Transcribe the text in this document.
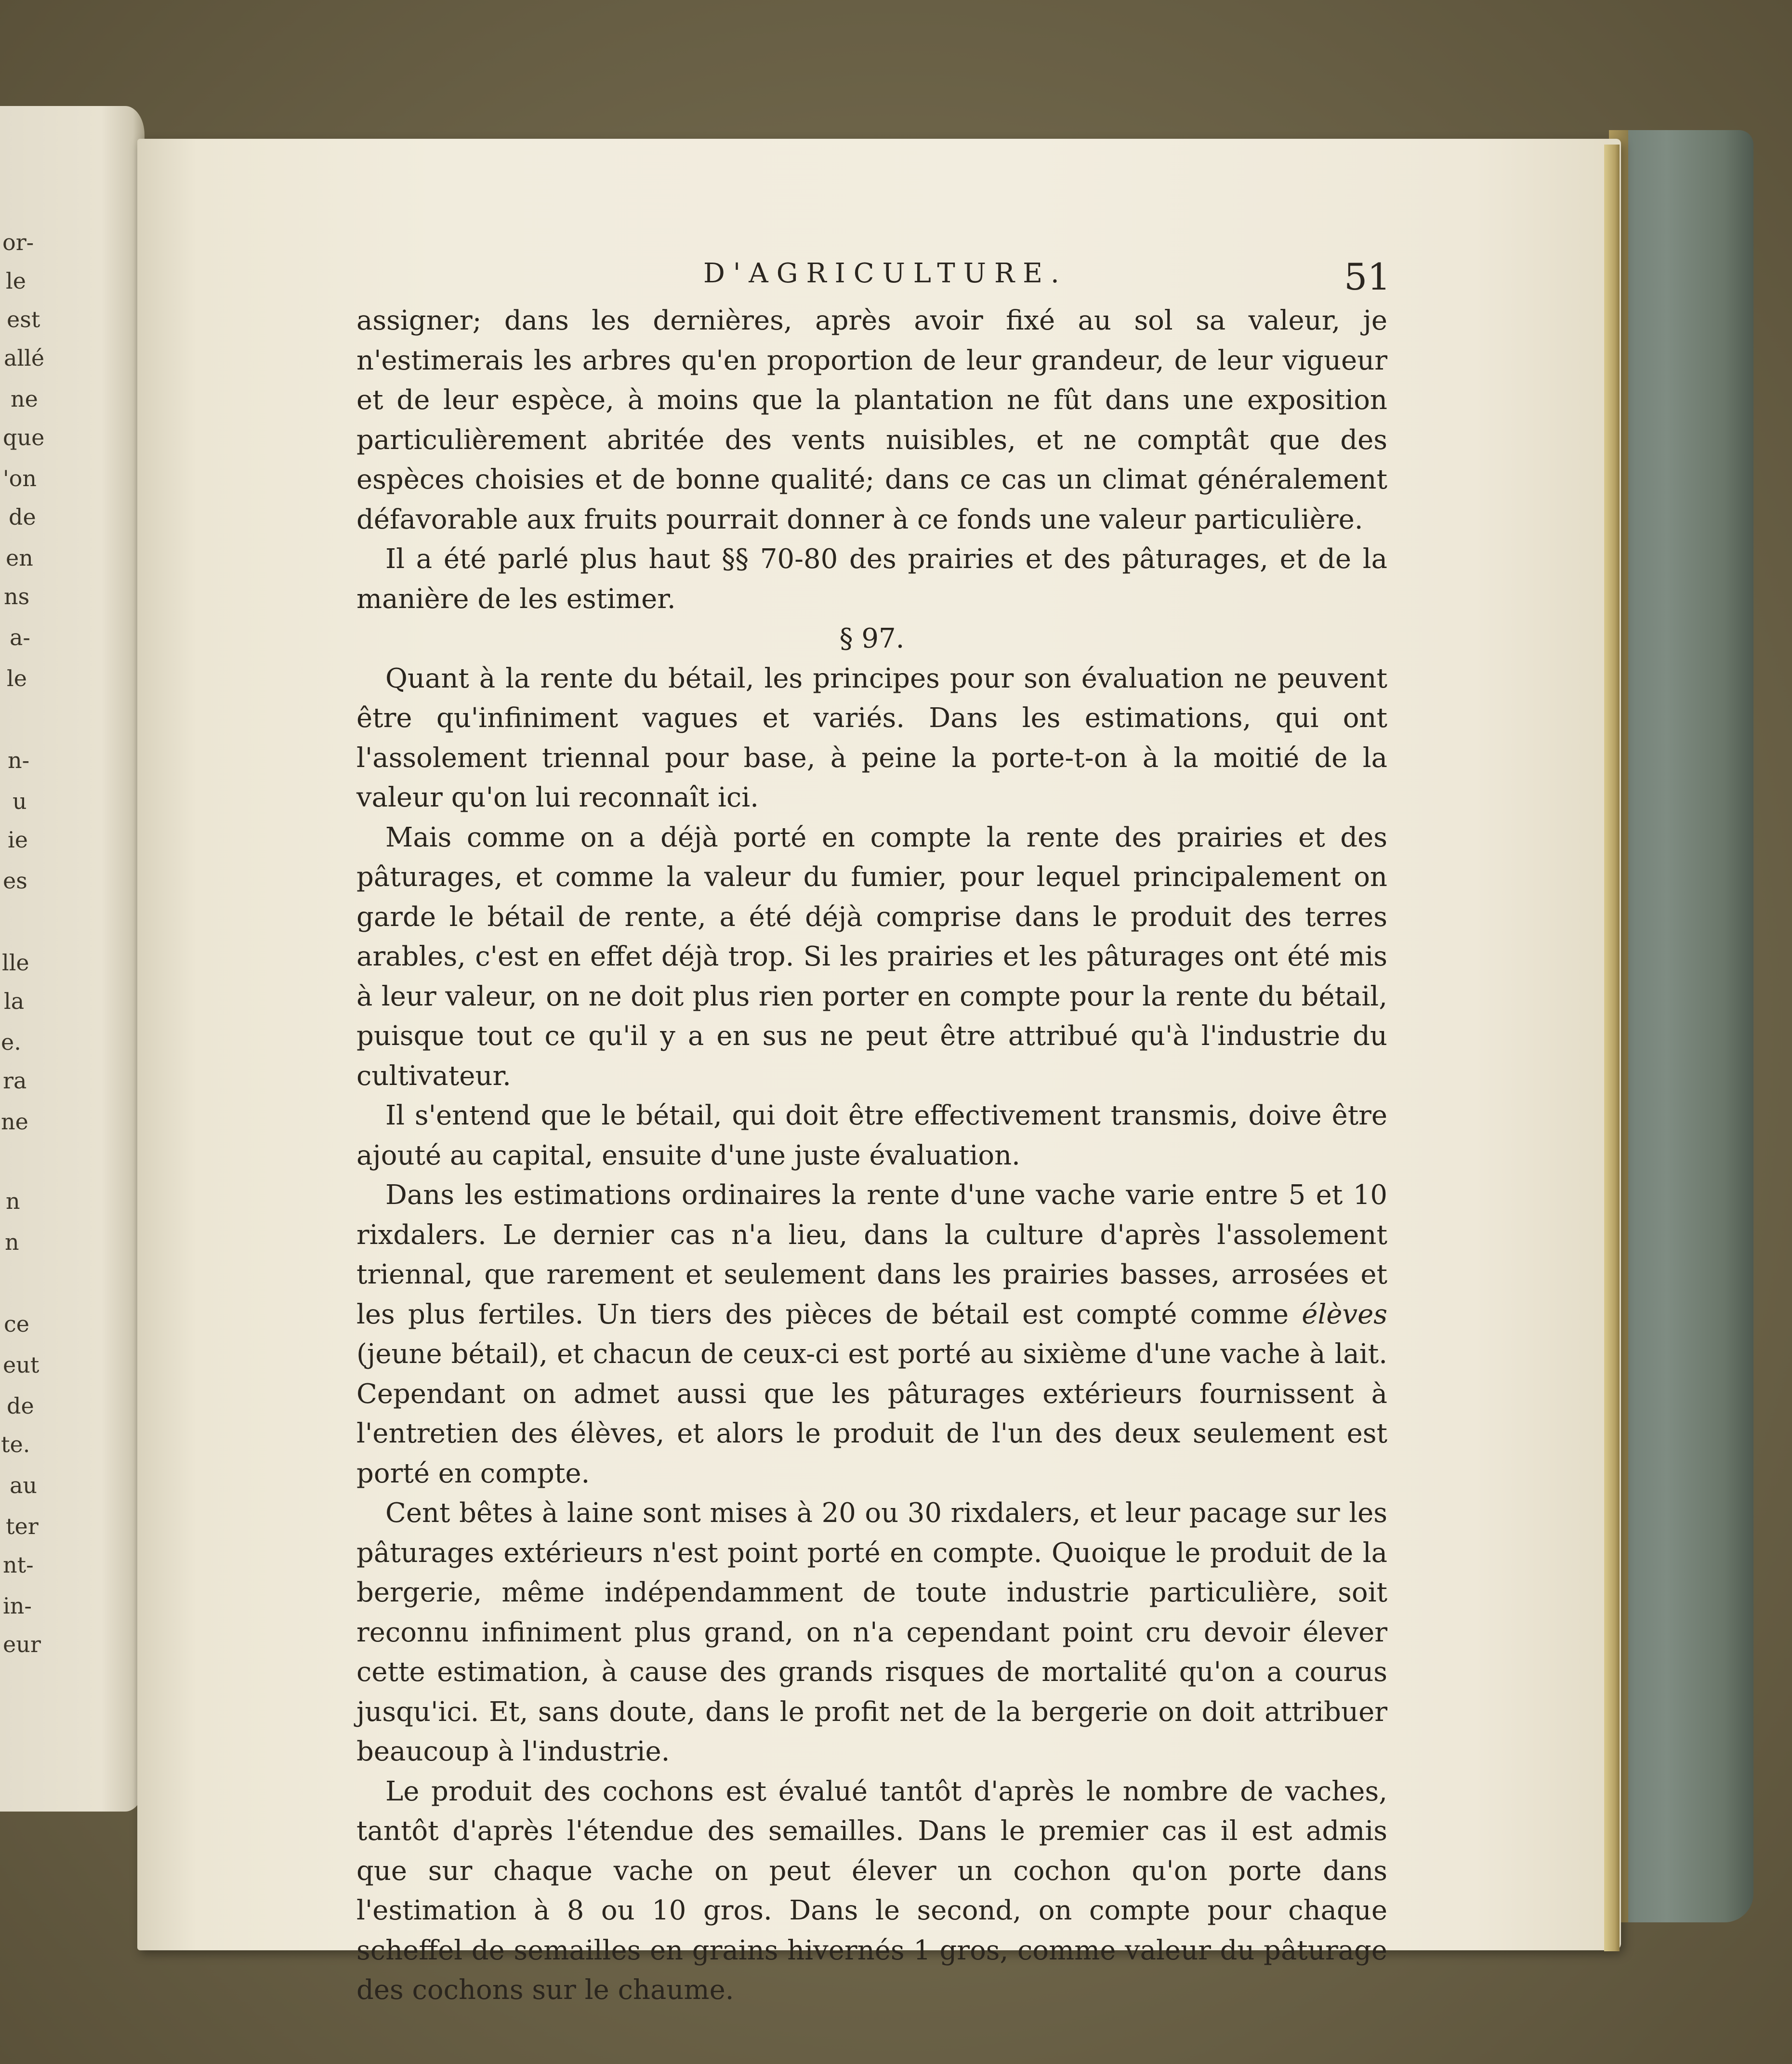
or-
le
est
allé
ne
que
'on
de
en
ns
a-
le
n-
u
ie
es
lle
la
e.
ra
ne
n
n
ce
eut
de
te.
au
ter
nt-
in-
eur
D'AGRICULTURE.	51

assigner; dans les dernières, après avoir fixé au sol sa valeur, je n'estimerais les arbres qu'en proportion de leur grandeur, de leur vigueur et de leur espèce, à moins que la plantation ne fût dans une exposition particulièrement abritée des vents nuisibles, et ne comptât que des espèces choisies et de bonne qualité; dans ce cas un climat généralement défavorable aux fruits pourrait donner à ce fonds une valeur particulière.

Il a été parlé plus haut §§ 70-80 des prairies et des pâturages, et de la manière de les estimer.

§ 97.

Quant à la rente du bétail, les principes pour son évaluation ne peuvent être qu'infiniment vagues et variés. Dans les estimations, qui ont l'assolement triennal pour base, à peine la porte-t-on à la moitié de la valeur qu'on lui reconnaît ici.

Mais comme on a déjà porté en compte la rente des prairies et des pâturages, et comme la valeur du fumier, pour lequel principalement on garde le bétail de rente, a été déjà comprise dans le produit des terres arables, c'est en effet déjà trop. Si les prairies et les pâturages ont été mis à leur valeur, on ne doit plus rien porter en compte pour la rente du bétail, puisque tout ce qu'il y a en sus ne peut être attribué qu'à l'industrie du cultivateur.

Il s'entend que le bétail, qui doit être effectivement transmis, doive être ajouté au capital, ensuite d'une juste évaluation.

Dans les estimations ordinaires la rente d'une vache varie entre 5 et 10 rixdalers. Le dernier cas n'a lieu, dans la culture d'après l'assolement triennal, que rarement et seulement dans les prairies basses, arrosées et les plus fertiles. Un tiers des pièces de bétail est compté comme élèves (jeune bétail), et chacun de ceux-ci est porté au sixième d'une vache à lait. Cependant on admet aussi que les pâturages extérieurs fournissent à l'entretien des élèves, et alors le produit de l'un des deux seulement est porté en compte.

Cent bêtes à laine sont mises à 20 ou 30 rixdalers, et leur pacage sur les pâturages extérieurs n'est point porté en compte. Quoique le produit de la bergerie, même indépendamment de toute industrie particulière, soit reconnu infiniment plus grand, on n'a cependant point cru devoir élever cette estimation, à cause des grands risques de mortalité qu'on a courus jusqu'ici. Et, sans doute, dans le profit net de la bergerie on doit attribuer beaucoup à l'industrie.

Le produit des cochons est évalué tantôt d'après le nombre de vaches, tantôt d'après l'étendue des semailles. Dans le premier cas il est admis que sur chaque vache on peut élever un cochon qu'on porte dans l'estimation à 8 ou 10 gros. Dans le second, on compte pour chaque scheffel de semailles en grains hivernés 1 gros, comme valeur du pâturage des cochons sur le chaume.
